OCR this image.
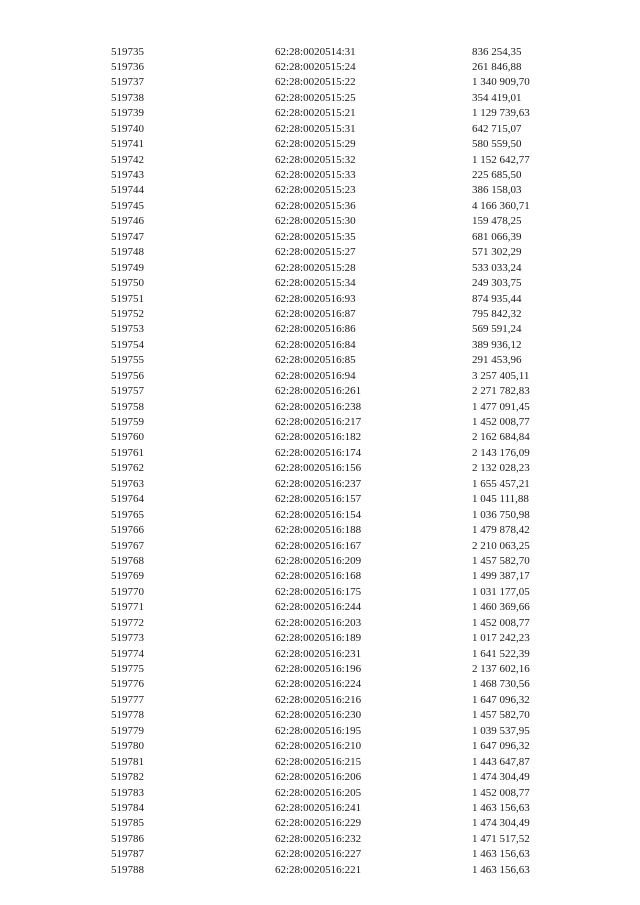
519735	62:28:0020514:31	836 254,35
519736	62:28:0020515:24	261 846,88
519737	62:28:0020515:22	1 340 909,70
519738	62:28:0020515:25	354 419,01
519739	62:28:0020515:21	1 129 739,63
519740	62:28:0020515:31	642 715,07
519741	62:28:0020515:29	580 559,50
519742	62:28:0020515:32	1 152 642,77
519743	62:28:0020515:33	225 685,50
519744	62:28:0020515:23	386 158,03
519745	62:28:0020515:36	4 166 360,71
519746	62:28:0020515:30	159 478,25
519747	62:28:0020515:35	681 066,39
519748	62:28:0020515:27	571 302,29
519749	62:28:0020515:28	533 033,24
519750	62:28:0020515:34	249 303,75
519751	62:28:0020516:93	874 935,44
519752	62:28:0020516:87	795 842,32
519753	62:28:0020516:86	569 591,24
519754	62:28:0020516:84	389 936,12
519755	62:28:0020516:85	291 453,96
519756	62:28:0020516:94	3 257 405,11
519757	62:28:0020516:261	2 271 782,83
519758	62:28:0020516:238	1 477 091,45
519759	62:28:0020516:217	1 452 008,77
519760	62:28:0020516:182	2 162 684,84
519761	62:28:0020516:174	2 143 176,09
519762	62:28:0020516:156	2 132 028,23
519763	62:28:0020516:237	1 655 457,21
519764	62:28:0020516:157	1 045 111,88
519765	62:28:0020516:154	1 036 750,98
519766	62:28:0020516:188	1 479 878,42
519767	62:28:0020516:167	2 210 063,25
519768	62:28:0020516:209	1 457 582,70
519769	62:28:0020516:168	1 499 387,17
519770	62:28:0020516:175	1 031 177,05
519771	62:28:0020516:244	1 460 369,66
519772	62:28:0020516:203	1 452 008,77
519773	62:28:0020516:189	1 017 242,23
519774	62:28:0020516:231	1 641 522,39
519775	62:28:0020516:196	2 137 602,16
519776	62:28:0020516:224	1 468 730,56
519777	62:28:0020516:216	1 647 096,32
519778	62:28:0020516:230	1 457 582,70
519779	62:28:0020516:195	1 039 537,95
519780	62:28:0020516:210	1 647 096,32
519781	62:28:0020516:215	1 443 647,87
519782	62:28:0020516:206	1 474 304,49
519783	62:28:0020516:205	1 452 008,77
519784	62:28:0020516:241	1 463 156,63
519785	62:28:0020516:229	1 474 304,49
519786	62:28:0020516:232	1 471 517,52
519787	62:28:0020516:227	1 463 156,63
519788	62:28:0020516:221	1 463 156,63
